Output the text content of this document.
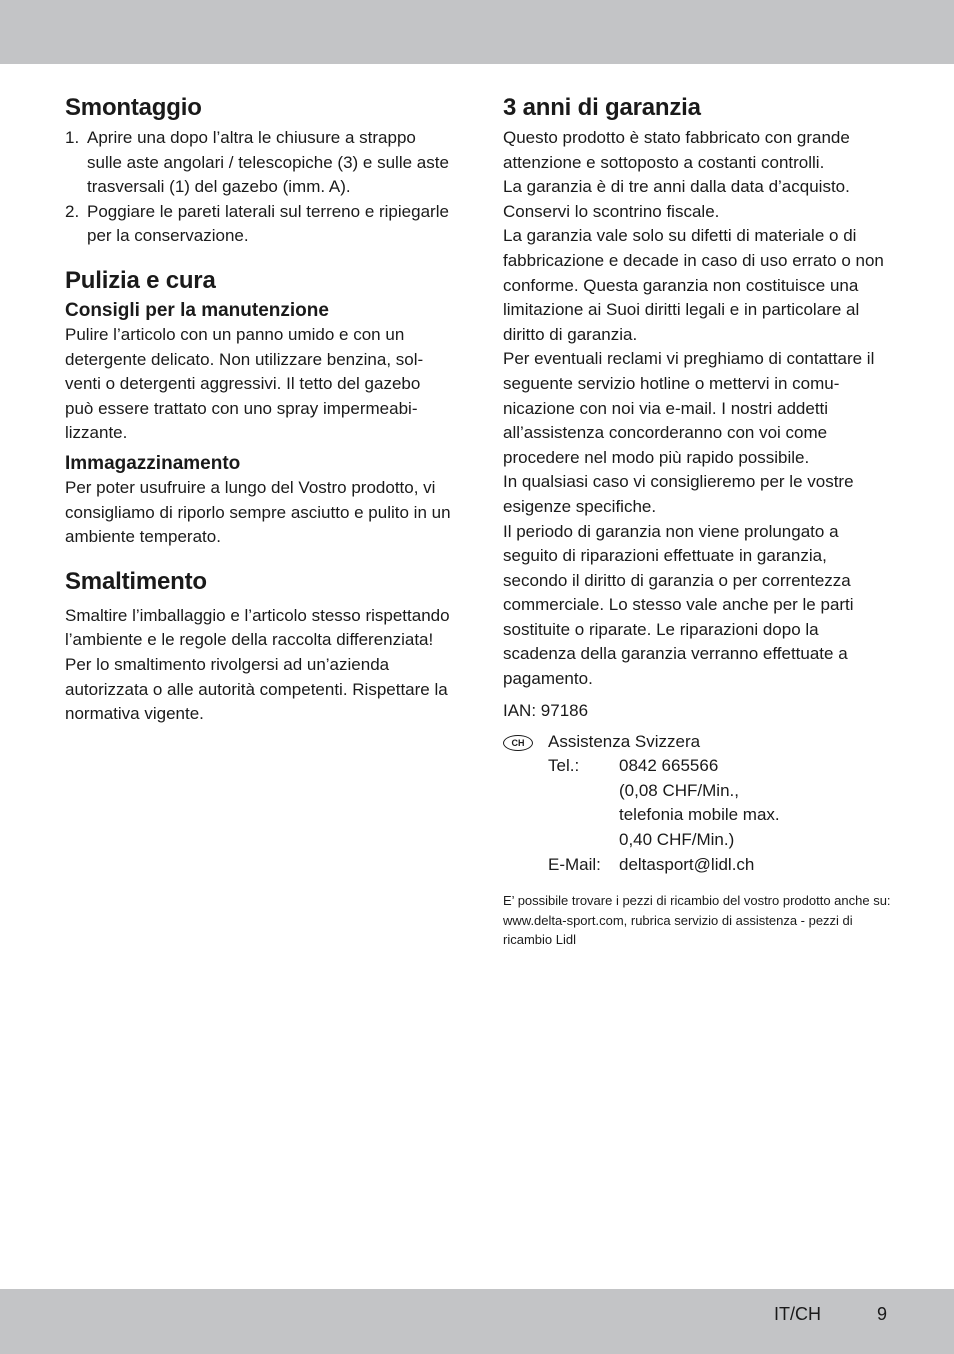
Smontaggio
1. Aprire una dopo l’altra le chiusure a strappo sulle aste angolari / telescopiche (3) e sulle aste trasversali (1) del gazebo (imm. A).
2. Poggiare le pareti laterali sul terreno e ripiegarle per la conservazione.
Pulizia e cura
Consigli per la manutenzione

Pulire l’articolo con un panno umido e con un detergente delicato. Non utilizzare benzina, solventi o detergenti aggressivi. Il tetto del gazebo può essere trattato con uno spray impermeabilizzante.

Immagazzinamento

Per poter usufruire a lungo del Vostro prodotto, vi consigliamo di riporlo sempre asciutto e pulito in un ambiente temperato.

Smaltimento

Smaltire l’imballaggio e l’articolo stesso rispettando l’ambiente e le regole della raccolta differenziata! Per lo smaltimento rivolgersi ad un’azienda autorizzata o alle autorità competenti. Rispettare la normativa vigente.

3 anni di garanzia

Questo prodotto è stato fabbricato con grande attenzione e sottoposto a costanti controlli.

La garanzia è di tre anni dalla data d’acquisto. Conservi lo scontrino fiscale.

La garanzia vale solo su difetti di materiale o di fabbricazione e decade in caso di uso errato o non conforme. Questa garanzia non costituisce una limitazione ai Suoi diritti legali e in particolare al diritto di garanzia.

Per eventuali reclami vi preghiamo di contattare il seguente servizio hotline o mettervi in comunicazione con noi via e-mail. I nostri addetti all’assistenza concorderanno con voi come procedere nel modo più rapido possibile.

In qualsiasi caso vi consiglieremo per le vostre esigenze specifiche.

Il periodo di garanzia non viene prolungato a seguito di riparazioni effettuate in garanzia, secondo il diritto di garanzia o per correntezza commerciale. Lo stesso vale anche per le parti sostituite o riparate. Le riparazioni dopo la scadenza della garanzia verranno effettuate a pagamento.

IAN: 97186
CH	Assistenza Svizzera
Tel.:	0842 665566
(0,08 CHF/Min.,
telefonia mobile max.
0,40 CHF/Min.)
E-Mail:	deltasport@lidl.ch
E’ possibile trovare i pezzi di ricambio del vostro prodotto anche su: www.delta-sport.com, rubrica servizio di assistenza - pezzi di ricambio Lidl
IT/CH	9
